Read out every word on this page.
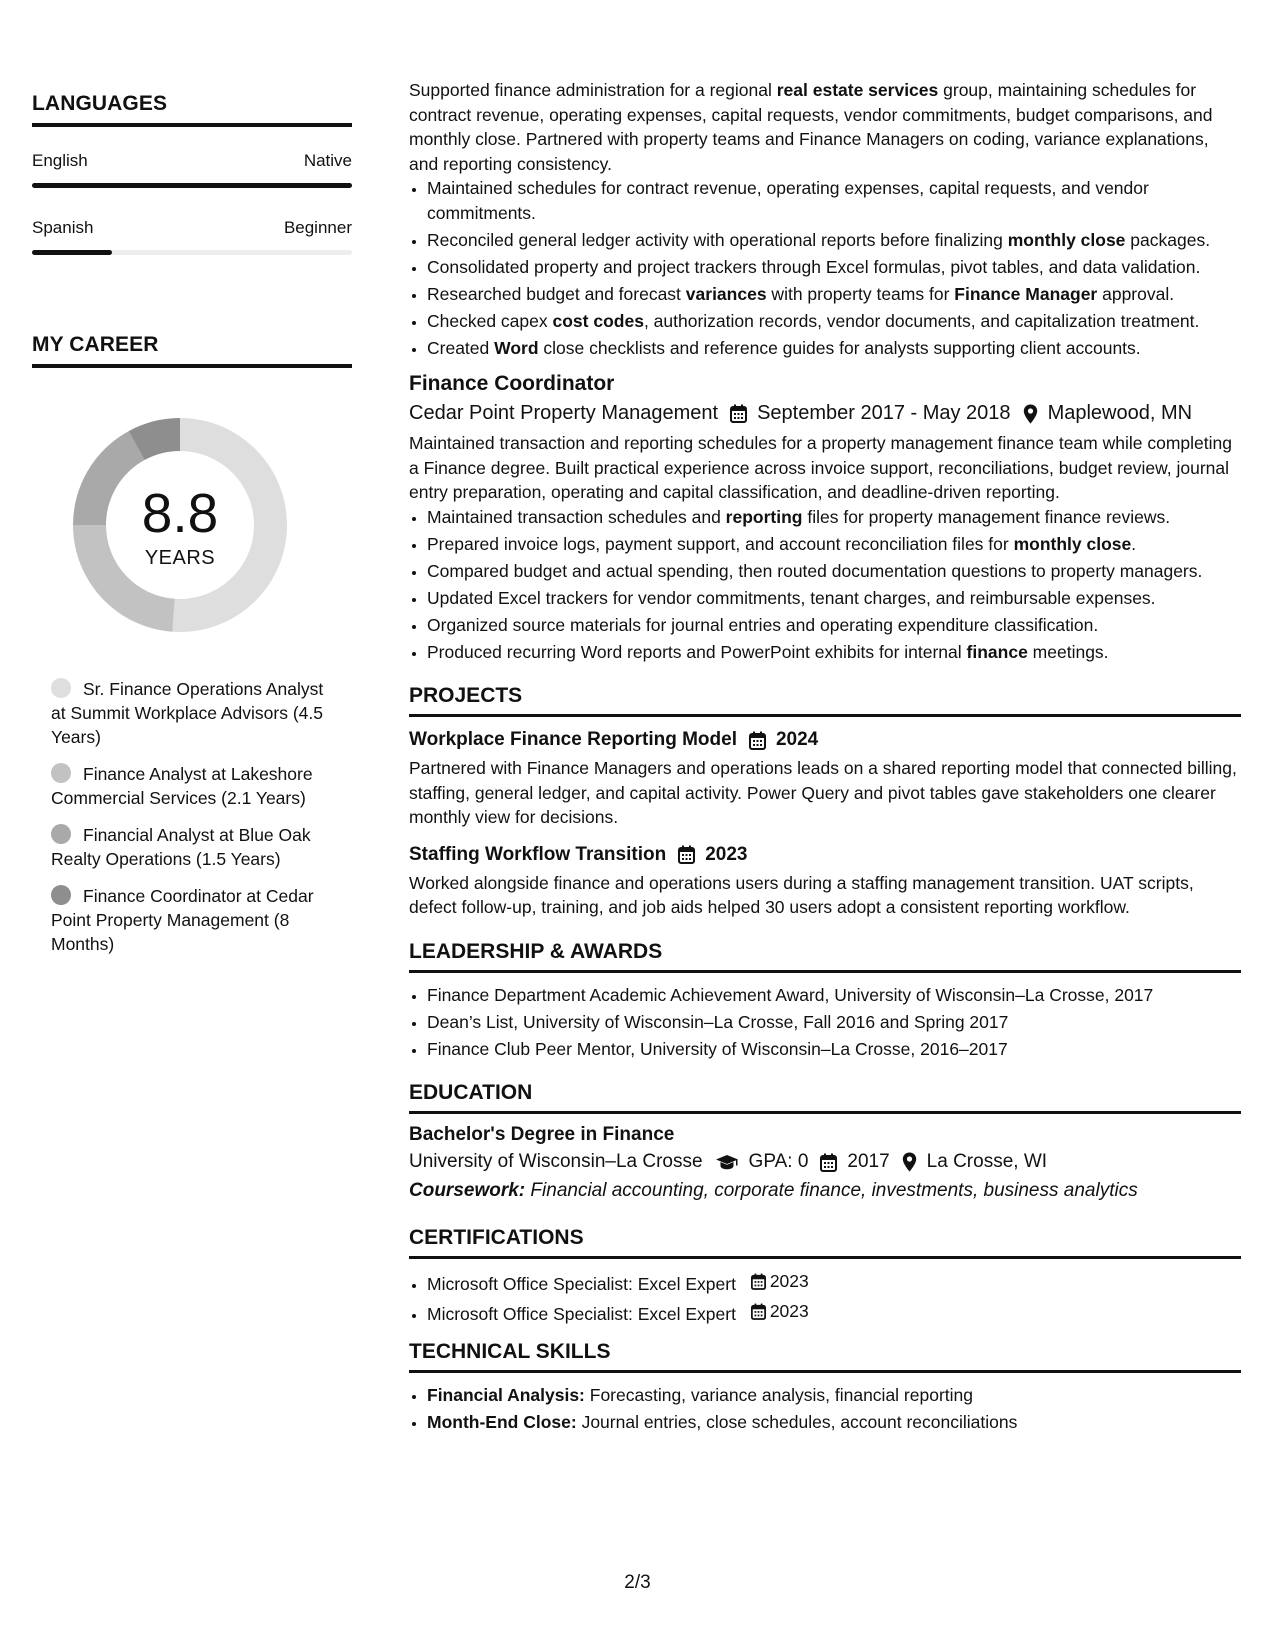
LANGUAGES
English	Native
Spanish	Beginner
MY CAREER
8.8
YEARS
Sr. Finance Operations Analyst at Summit Workplace Advisors (4.5 Years)
Finance Analyst at Lakeshore Commercial Services (2.1 Years)
Financial Analyst at Blue Oak Realty Operations (1.5 Years)
Finance Coordinator at Cedar Point Property Management (8 Months)

Supported finance administration for a regional real estate services group, maintaining schedules for contract revenue, operating expenses, capital requests, vendor commitments, budget comparisons, and monthly close. Partnered with property teams and Finance Managers on coding, variance explanations, and reporting consistency.

• Maintained schedules for contract revenue, operating expenses, capital requests, and vendor commitments.
• Reconciled general ledger activity with operational reports before finalizing monthly close packages.
• Consolidated property and project trackers through Excel formulas, pivot tables, and data validation.
• Researched budget and forecast variances with property teams for Finance Manager approval.
• Checked capex cost codes, authorization records, vendor documents, and capitalization treatment.
• Created Word close checklists and reference guides for analysts supporting client accounts.
Finance Coordinator
Cedar Point Property Management September 2017 - May 2018 Maplewood, MN

Maintained transaction and reporting schedules for a property management finance team while completing a Finance degree. Built practical experience across invoice support, reconciliations, budget review, journal entry preparation, operating and capital classification, and deadline-driven reporting.

• Maintained transaction schedules and reporting files for property management finance reviews.
• Prepared invoice logs, payment support, and account reconciliation files for monthly close.
• Compared budget and actual spending, then routed documentation questions to property managers.
• Updated Excel trackers for vendor commitments, tenant charges, and reimbursable expenses.
• Organized source materials for journal entries and operating expenditure classification.
• Produced recurring Word reports and PowerPoint exhibits for internal finance meetings.
PROJECTS
Workplace Finance Reporting Model 2024

Partnered with Finance Managers and operations leads on a shared reporting model that connected billing, staffing, general ledger, and capital activity. Power Query and pivot tables gave stakeholders one clearer monthly view for decisions.

Staffing Workflow Transition 2023

Worked alongside finance and operations users during a staffing management transition. UAT scripts, defect follow-up, training, and job aids helped 30 users adopt a consistent reporting workflow.

LEADERSHIP & AWARDS
• Finance Department Academic Achievement Award, University of Wisconsin–La Crosse, 2017
• Dean’s List, University of Wisconsin–La Crosse, Fall 2016 and Spring 2017
• Finance Club Peer Mentor, University of Wisconsin–La Crosse, 2016–2017
EDUCATION
Bachelor's Degree in Finance
University of Wisconsin–La Crosse GPA: 0 2017 La Crosse, WI
Coursework: Financial accounting, corporate finance, investments, business analytics
CERTIFICATIONS
• Microsoft Office Specialist: Excel Expert 2023
• Microsoft Office Specialist: Excel Expert 2023
TECHNICAL SKILLS
• Financial Analysis: Forecasting, variance analysis, financial reporting
• Month-End Close: Journal entries, close schedules, account reconciliations
2/3
